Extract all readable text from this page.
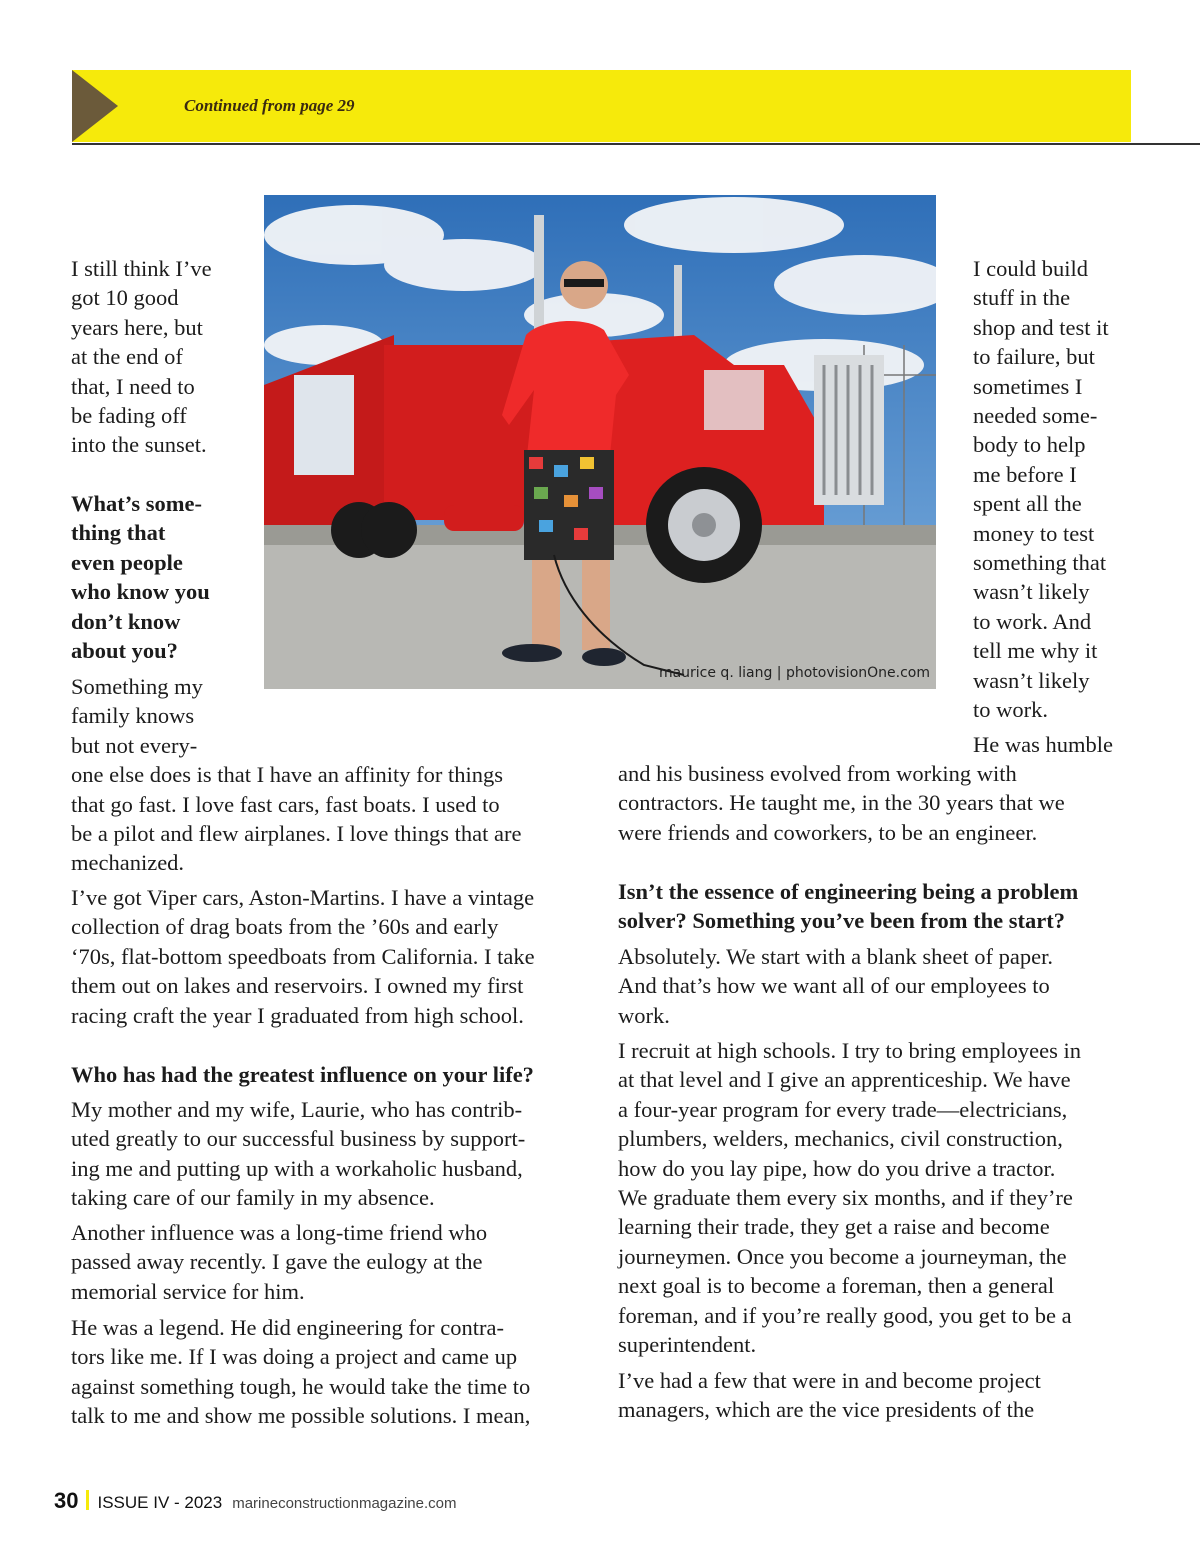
Continued from page 29
maurice q. liang | photovisionOne.com
I still think I’ve
got 10 good
years here, but
at the end of
that, I need to
be fading off
into the sunset.
What’s some-
thing that
even people
who know you
don’t know
about you?
Something my
family knows
but not every-
one else does is that I have an affinity for things
that go fast. I love fast cars, fast boats. I used to
be a pilot and flew airplanes. I love things that are
mechanized.
I’ve got Viper cars, Aston-Martins. I have a vintage
collection of drag boats from the ’60s and early
‘70s, flat-bottom speedboats from California. I take
them out on lakes and reservoirs. I owned my first
racing craft the year I graduated from high school.
Who has had the greatest influence on your life?
My mother and my wife, Laurie, who has contrib-
uted greatly to our successful business by support-
ing me and putting up with a workaholic husband,
taking care of our family in my absence.
Another influence was a long-time friend who
passed away recently. I gave the eulogy at the
memorial service for him.
He was a legend. He did engineering for contra-
tors like me. If I was doing a project and came up
against something tough, he would take the time to
talk to me and show me possible solutions. I mean,
I could build
stuff in the
shop and test it
to failure, but
sometimes I
needed some-
body to help
me before I
spent all the
money to test
something that
wasn’t likely
to work. And
tell me why it
wasn’t likely
to work.
He was humble
and his business evolved from working with
contractors. He taught me, in the 30 years that we
were friends and coworkers, to be an engineer.
Isn’t the essence of engineering being a problem
solver? Something you’ve been from the start?
Absolutely. We start with a blank sheet of paper.
And that’s how we want all of our employees to
work.
I recruit at high schools. I try to bring employees in
at that level and I give an apprenticeship. We have
a four-year program for every trade—electricians,
plumbers, welders, mechanics, civil construction,
how do you lay pipe, how do you drive a tractor.
We graduate them every six months, and if they’re
learning their trade, they get a raise and become
journeymen. Once you become a journeyman, the
next goal is to become a foreman, then a general
foreman, and if you’re really good, you get to be a
superintendent.
I’ve had a few that were in and become project
managers, which are the vice presidents of the
30 ISSUE IV - 2023 marineconstructionmagazine.com
